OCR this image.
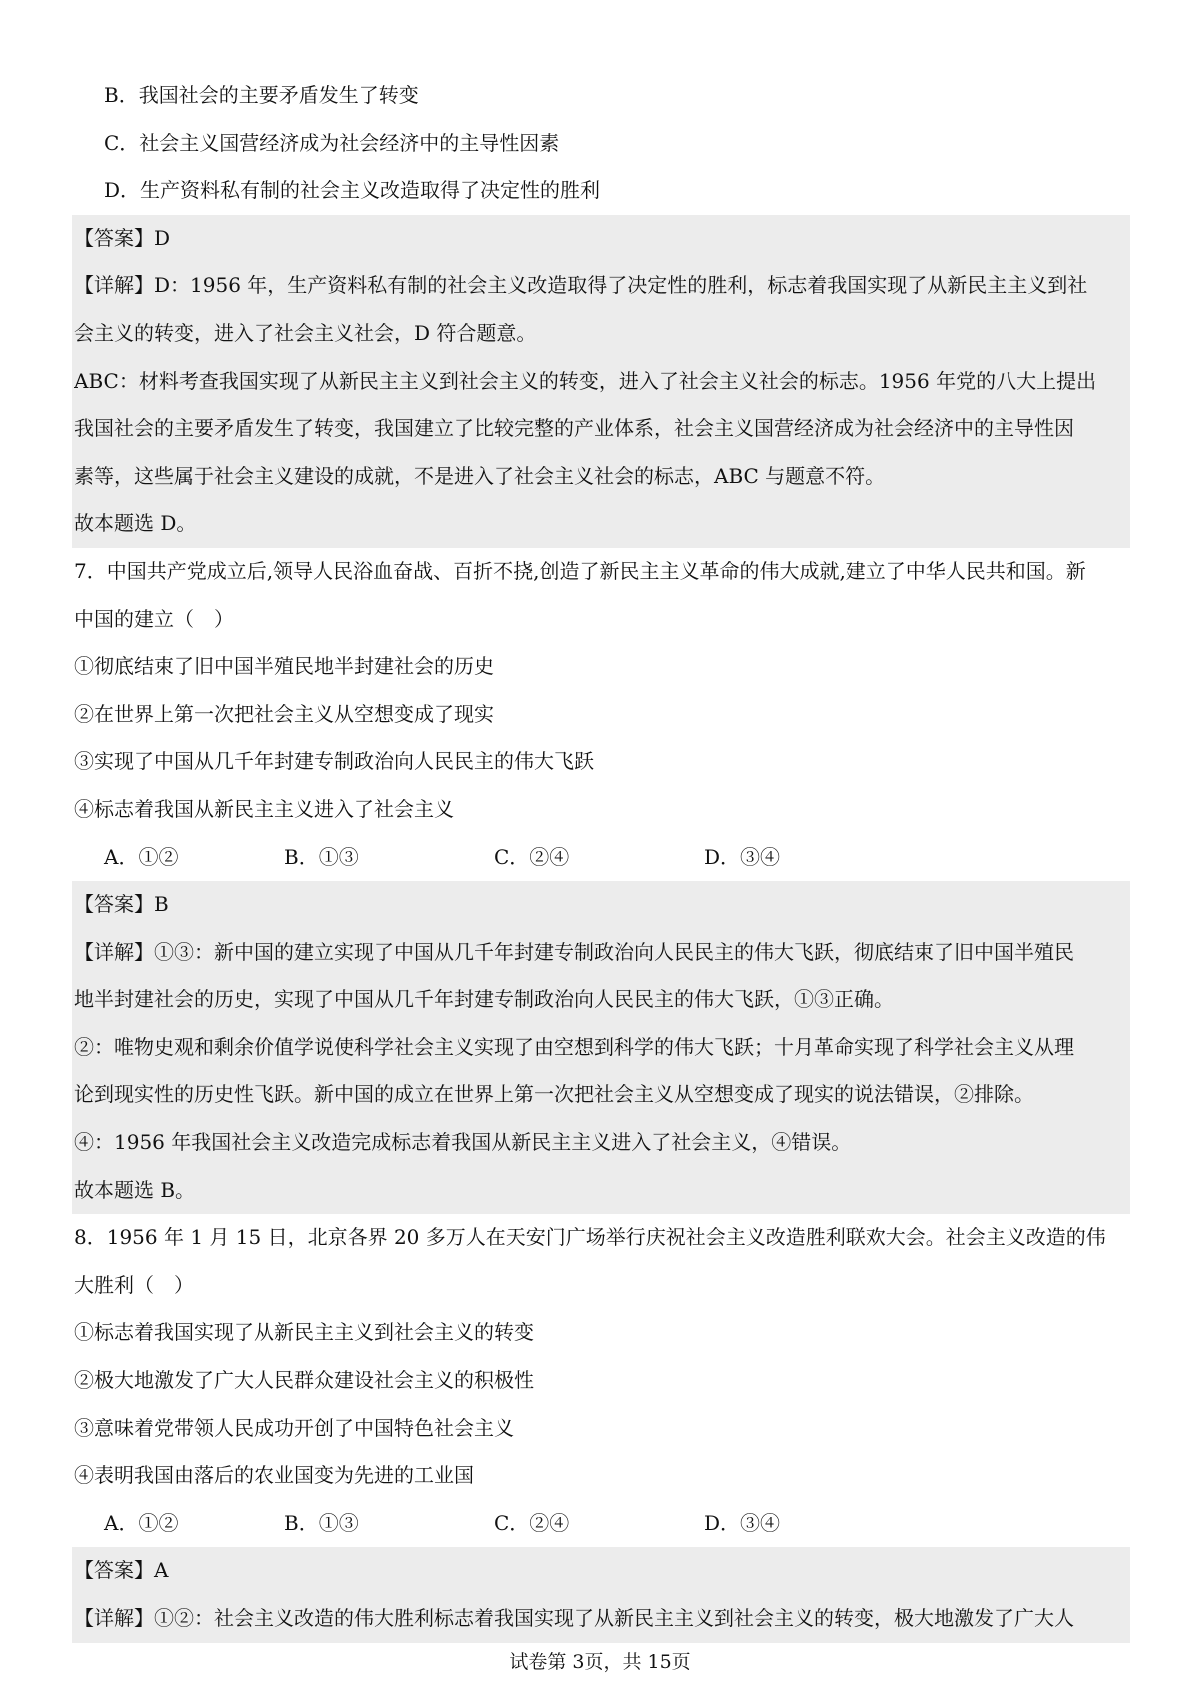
B．我国社会的主要矛盾发生了转变
C．社会主义国营经济成为社会经济中的主导性因素
D．生产资料私有制的社会主义改造取得了决定性的胜利
【答案】D
【详解】D：1956 年，生产资料私有制的社会主义改造取得了决定性的胜利，标志着我国实现了从新民主主义到社
会主义的转变，进入了社会主义社会，D 符合题意。
ABC：材料考查我国实现了从新民主主义到社会主义的转变，进入了社会主义社会的标志。1956 年党的八大上提出
我国社会的主要矛盾发生了转变，我国建立了比较完整的产业体系，社会主义国营经济成为社会经济中的主导性因
素等，这些属于社会主义建设的成就，不是进入了社会主义社会的标志，ABC 与题意不符。
故本题选 D。
7．中国共产党成立后,领导人民浴血奋战、百折不挠,创造了新民主主义革命的伟大成就,建立了中华人民共和国。新
中国的建立（　）
①彻底结束了旧中国半殖民地半封建社会的历史
②在世界上第一次把社会主义从空想变成了现实
③实现了中国从几千年封建专制政治向人民民主的伟大飞跃
④标志着我国从新民主主义进入了社会主义
A．①②	B．①③	C．②④	D．③④
【答案】B
【详解】①③：新中国的建立实现了中国从几千年封建专制政治向人民民主的伟大飞跃，彻底结束了旧中国半殖民
地半封建社会的历史，实现了中国从几千年封建专制政治向人民民主的伟大飞跃，①③正确。
②：唯物史观和剩余价值学说使科学社会主义实现了由空想到科学的伟大飞跃；十月革命实现了科学社会主义从理
论到现实性的历史性飞跃。新中国的成立在世界上第一次把社会主义从空想变成了现实的说法错误，②排除。
④：1956 年我国社会主义改造完成标志着我国从新民主主义进入了社会主义，④错误。
故本题选 B。
8．1956 年 1 月 15 日，北京各界 20 多万人在天安门广场举行庆祝社会主义改造胜利联欢大会。社会主义改造的伟
大胜利（　）
①标志着我国实现了从新民主主义到社会主义的转变
②极大地激发了广大人民群众建设社会主义的积极性
③意味着党带领人民成功开创了中国特色社会主义
④表明我国由落后的农业国变为先进的工业国
A．①②	B．①③	C．②④	D．③④
【答案】A
【详解】①②：社会主义改造的伟大胜利标志着我国实现了从新民主主义到社会主义的转变，极大地激发了广大人
试卷第 3页，共 15页
